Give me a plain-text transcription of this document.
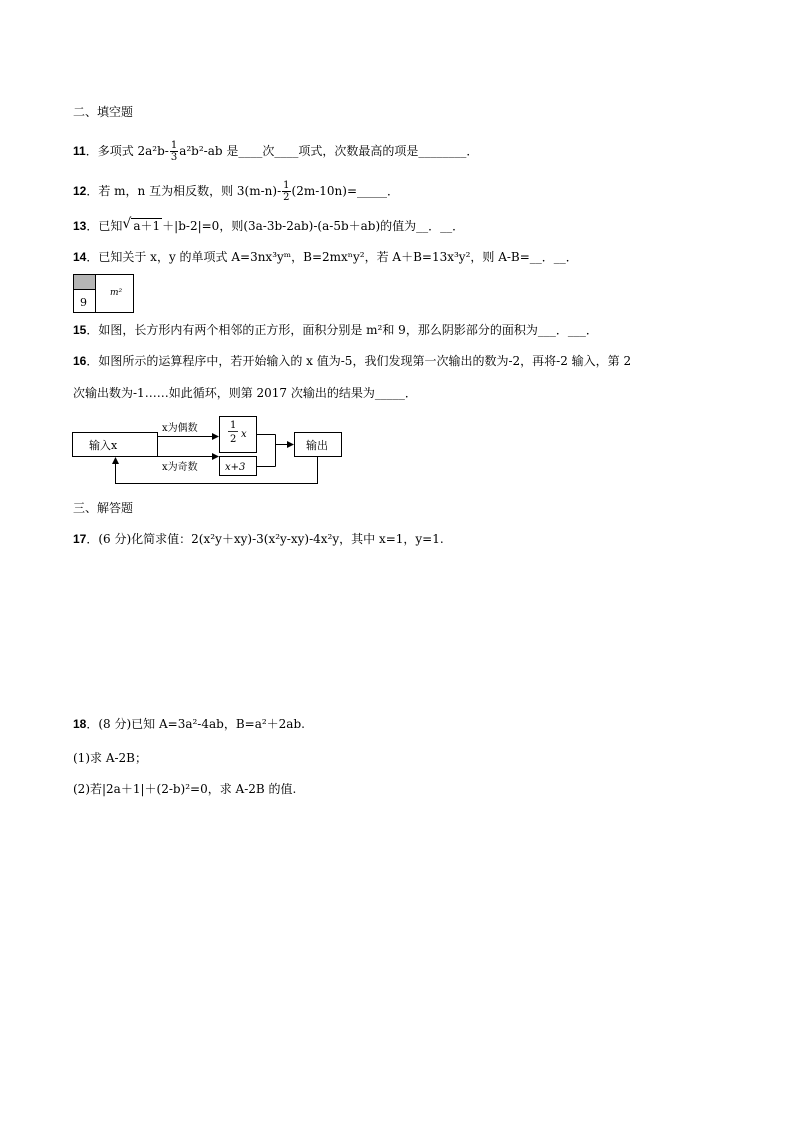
二、填空题
11．多项式 $2a^2b- \frac{1}{3} a^2b^2-ab$ 是____次____项式，次数最高的项是________．
12．若 m，n 互为相反数，则 $3(m-n)- \frac{1}{2}$ (2m-10n)=_____．
13．已知 √ a＋1 ＋|b-2|=0，则(3a-3b-2ab)-(a-5b＋ab)的值为__．__．
14．已知关于 x，y 的单项式 A=3nx³yᵐ，B=2mxⁿy²，若 A＋B=13x³y²，则 A-B=__．__．
9
m²
15．如图，长方形内有两个相邻的正方形，面积分别是 m²和 9，那么阴影部分的面积为___．___．
16．如图所示的运算程序中，若开始输入的 x 值为-5，我们发现第一次输出的数为-2，再将-2 输入，第 2
次输出数为-1……如此循环，则第 2017 次输出的结果为_____．
输入x
x为偶数	1
2 x
x为奇数	x+3
输出
三、解答题
17．(6 分)化简求值：2(x²y＋xy)-3(x²y-xy)-4x²y，其中 x=1，y=1.
18．(8 分)已知 A=3a²-4ab，B=a²＋2ab.
(1)求 A-2B；
(2)若|2a＋1|＋(2-b)²=0，求 A-2B 的值.
